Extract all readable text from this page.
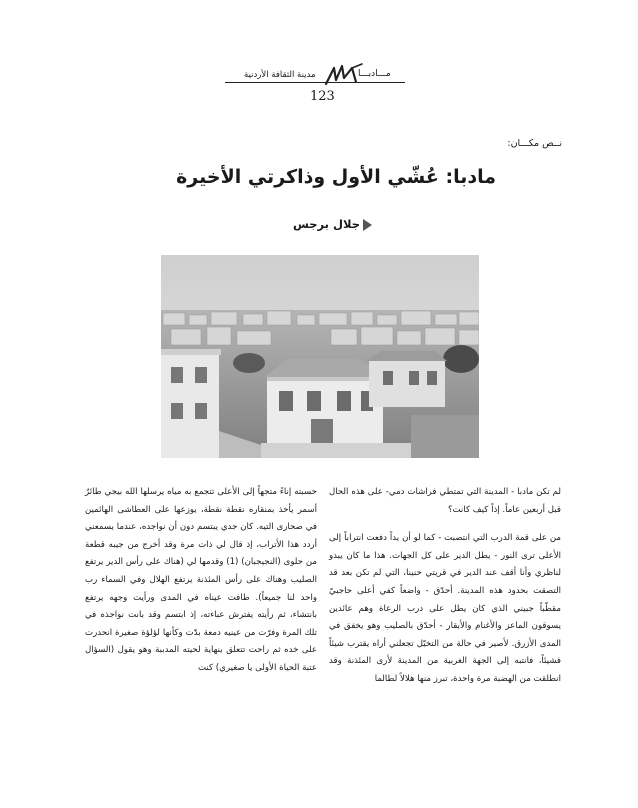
مدينة الثقافة الأردنية	مـــادبـــا
123
نــص مكـــان:
مادبا: عُشّي الأول وذاكرتي الأخيرة
جلال برجس

لم تكن مادبا - المدينة التي تمتطي فراشات دمي- على هذه الحال قبل أربعين عاماً. إذاً كيف كانت؟

من على قمة الدرب التي انتصبت - كما لو أن يداً دفعت انتراباً إلى الأعلى ترى النور - يطل الدير على كل الجهات. هذا ما كان يبدو لناظري وأنا أقف عند الدير في قريتي حنينا، التي لم تكن بعد قد التصقت بحدود هذه المدينة. أحدّق - واضعاً كفي أعلى حاجبيّ مقطّباً جبيني الذي كان يطل على درب الرعاة وهم عائدين يسوقون الماعز والأغنام والأبقار - أحدّق بالصليب وهو يخفق في المدى الأزرق. لأصير في حالة من التخيّل تجعلني أراه يقترب شيئاً فشيئاً، فانتبه إلى الجهة الغربية من المدينة لأرى المئذنة وقد انطلقت من الهضبة مرة واحدة، تبرز منها هلالاً لطالما

حسبته إناءً متجهاً إلى الأعلى تتجمع به مياه يرسلها الله بيجي طائرٌ أسمر يأخذ بمنقاره نقطة نقطة، يوزعها على العطاشى الهائمين في صحارى التيه. كان جدي يبتسم دون أن نواجده، عندما يسمعني أردد هذا الأتراب، إذ قال لي ذات مرة وقد أخرج من جيبه قطعة من حلوى (النجيجبان) (1) وقدمها لي (هناك على رأس الدير يرتفع الصليب وهناك على رأس المئذنة يرتفع الهلال وفي السماء رب واحد لنا جميعاً). طافت عيناه في المدى ورأيت وجهه يرتفع بانتشاء، ثم رأيته يفترش عباءته، إذ ابتسم وقد بانت نواجذه في تلك المرة وفرّت من عينيه دمعة بدّت وكأنها لؤلؤة صغيرة انحدرت على خده ثم راحت تتعلق بنهاية لحيته المدببة وهو يقول (السؤال عتبة الحياة الأولى يا صغيري) كنت
